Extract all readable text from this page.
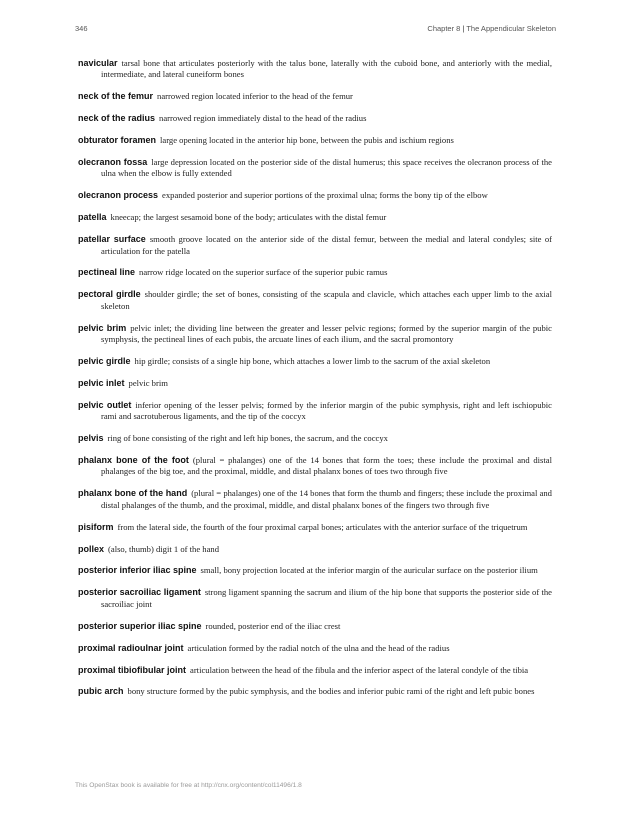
346	Chapter 8 | The Appendicular Skeleton

navicular tarsal bone that articulates posteriorly with the talus bone, laterally with the cuboid bone, and anteriorly with the medial, intermediate, and lateral cuneiform bones

neck of the femur narrowed region located inferior to the head of the femur

neck of the radius narrowed region immediately distal to the head of the radius

obturator foramen large opening located in the anterior hip bone, between the pubis and ischium regions

olecranon fossa large depression located on the posterior side of the distal humerus; this space receives the olecranon process of the ulna when the elbow is fully extended

olecranon process expanded posterior and superior portions of the proximal ulna; forms the bony tip of the elbow

patella kneecap; the largest sesamoid bone of the body; articulates with the distal femur

patellar surface smooth groove located on the anterior side of the distal femur, between the medial and lateral condyles; site of articulation for the patella

pectineal line narrow ridge located on the superior surface of the superior pubic ramus

pectoral girdle shoulder girdle; the set of bones, consisting of the scapula and clavicle, which attaches each upper limb to the axial skeleton

pelvic brim pelvic inlet; the dividing line between the greater and lesser pelvic regions; formed by the superior margin of the pubic symphysis, the pectineal lines of each pubis, the arcuate lines of each ilium, and the sacral promontory

pelvic girdle hip girdle; consists of a single hip bone, which attaches a lower limb to the sacrum of the axial skeleton

pelvic inlet pelvic brim

pelvic outlet inferior opening of the lesser pelvis; formed by the inferior margin of the pubic symphysis, right and left ischiopubic rami and sacrotuberous ligaments, and the tip of the coccyx

pelvis ring of bone consisting of the right and left hip bones, the sacrum, and the coccyx

phalanx bone of the foot (plural = phalanges) one of the 14 bones that form the toes; these include the proximal and distal phalanges of the big toe, and the proximal, middle, and distal phalanx bones of toes two through five

phalanx bone of the hand (plural = phalanges) one of the 14 bones that form the thumb and fingers; these include the proximal and distal phalanges of the thumb, and the proximal, middle, and distal phalanx bones of the fingers two through five

pisiform from the lateral side, the fourth of the four proximal carpal bones; articulates with the anterior surface of the triquetrum

pollex (also, thumb) digit 1 of the hand

posterior inferior iliac spine small, bony projection located at the inferior margin of the auricular surface on the posterior ilium

posterior sacroiliac ligament strong ligament spanning the sacrum and ilium of the hip bone that supports the posterior side of the sacroiliac joint

posterior superior iliac spine rounded, posterior end of the iliac crest

proximal radioulnar joint articulation formed by the radial notch of the ulna and the head of the radius

proximal tibiofibular joint articulation between the head of the fibula and the inferior aspect of the lateral condyle of the tibia

pubic arch bony structure formed by the pubic symphysis, and the bodies and inferior pubic rami of the right and left pubic bones

This OpenStax book is available for free at http://cnx.org/content/col11496/1.8
